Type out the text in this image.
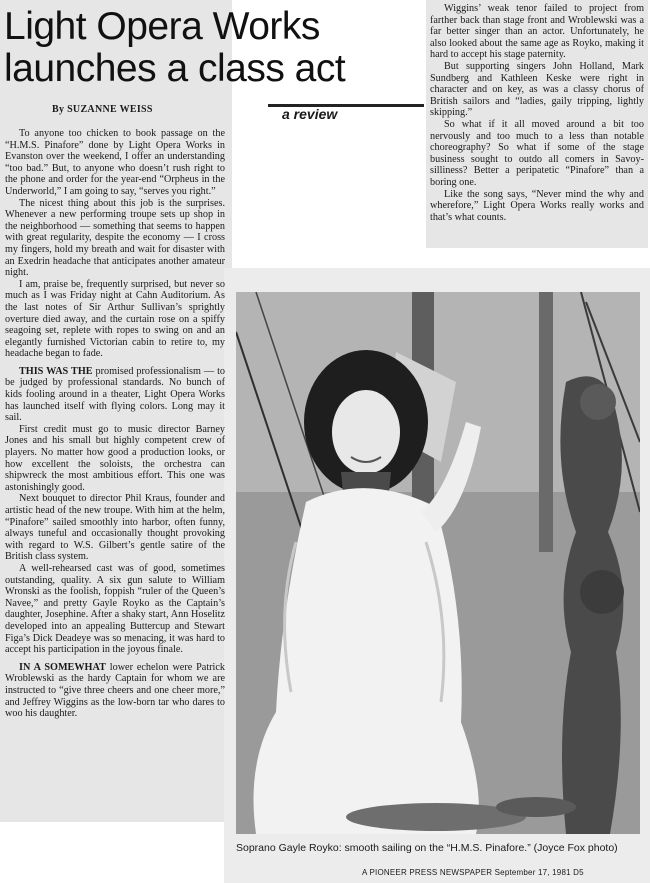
Light Opera Works
launches a class act

By SUZANNE WEISS	a review

To anyone too chicken to book passage on the “H.M.S. Pinafore” done by Light Opera Works in Evanston over the weekend, I offer an understanding “too bad.” But, to anyone who doesn’t rush right to the phone and order for the year-end “Orpheus in the Underworld,” I am going to say, “serves you right.”

The nicest thing about this job is the surprises. Whenever a new performing troupe sets up shop in the neighborhood — something that seems to happen with great regularity, despite the economy — I cross my fingers, hold my breath and wait for disaster with an Exedrin headache that anticipates another amateur night.

I am, praise be, frequently surprised, but never so much as I was Friday night at Cahn Auditorium. As the last notes of Sir Arthur Sullivan’s sprightly overture died away, and the curtain rose on a spiffy seagoing set, replete with ropes to swing on and an elegantly furnished Victorian cabin to retire to, my headache began to fade.

THIS WAS THE promised professionalism — to be judged by professional standards. No bunch of kids fooling around in a theater, Light Opera Works has launched itself with flying colors. Long may it sail.

First credit must go to music director Barney Jones and his small but highly competent crew of players. No matter how good a production looks, or how excellent the soloists, the orchestra can shipwreck the most ambitious effort. This one was astonishingly good.

Next bouquet to director Phil Kraus, founder and artistic head of the new troupe. With him at the helm, “Pinafore” sailed smoothly into harbor, often funny, always tuneful and occasionally thought provoking with regard to W.S. Gilbert’s gentle satire of the British class system.

A well-rehearsed cast was of good, sometimes outstanding, quality. A six gun salute to William Wronski as the foolish, foppish “ruler of the Queen’s Navee,” and pretty Gayle Royko as the Captain’s daughter, Josephine. After a shaky start, Ann Hoselitz developed into an appealing Buttercup and Stewart Figa’s Dick Deadeye was so menacing, it was hard to accept his participation in the joyous finale.

IN A SOMEWHAT lower echelon were Patrick Wroblewski as the hardy Captain for whom we are instructed to “give three cheers and one cheer more,” and Jeffrey Wiggins as the low-born tar who dares to woo his daughter.

Wiggins’ weak tenor failed to project from farther back than stage front and Wroblewski was a far better singer than an actor. Unfortunately, he also looked about the same age as Royko, making it hard to accept his stage paternity.

But supporting singers John Holland, Mark Sundberg and Kathleen Keske were right in character and on key, as was a classy chorus of British sailors and “ladies, gaily tripping, lightly skipping.”

So what if it all moved around a bit too nervously and too much to a less than notable choreography? So what if some of the stage business sought to outdo all comers in Savoy-silliness? Better a peripatetic “Pinafore” than a boring one.

Like the song says, “Never mind the why and wherefore,” Light Opera Works really works and that’s what counts.

Soprano Gayle Royko: smooth sailing on the “H.M.S. Pinafore.” (Joyce Fox photo)

A PIONEER PRESS NEWSPAPER September 17, 1981 D5
